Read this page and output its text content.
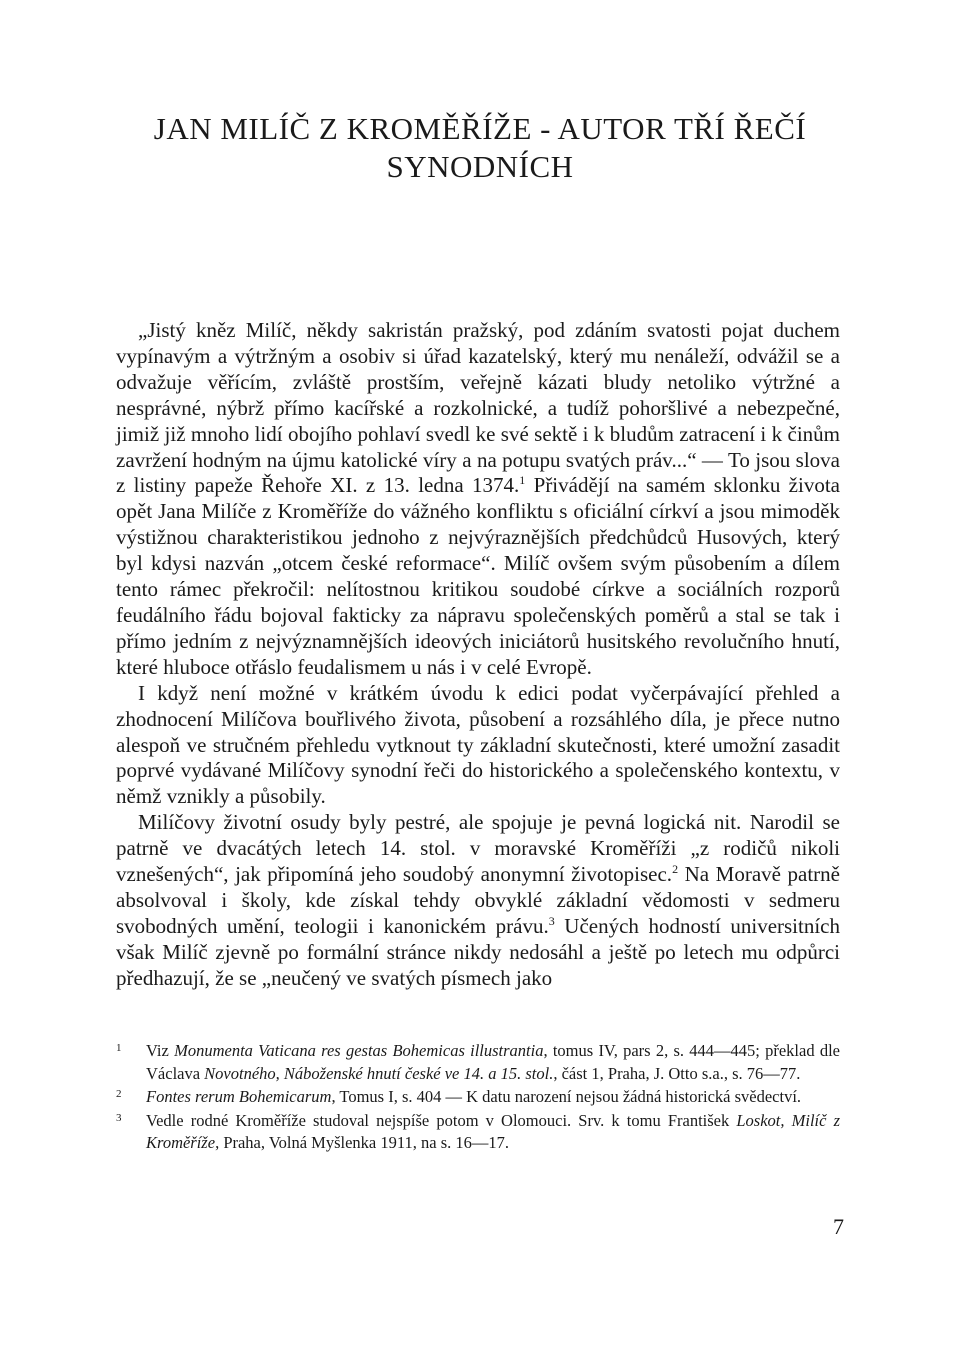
JAN MILÍČ Z KROMĚŘÍŽE - AUTOR TŘÍ ŘEČÍ
SYNODNÍCH

„Jistý kněz Milíč, někdy sakristán pražský, pod zdáním svatosti pojat duchem vypínavým a výtržným a osobiv si úřad kazatelský, který mu nenáleží, odvážil se a odvažuje věřícím, zvláště prostším, veřejně kázati bludy netoliko výtržné a nesprávné, nýbrž přímo kacířské a rozkolnické, a tudíž pohoršlivé a nebezpečné, jimiž již mnoho lidí obojího pohlaví svedl ke své sektě i k bludům zatracení i k činům zavržení hodným na újmu katolické víry a na potupu svatých práv...“ — To jsou slova z listiny papeže Řehoře XI. z 13. ledna 1374.$^1$ Přivádějí na samém sklonku života opět Jana Milíče z Kroměříže do vážného konfliktu s oficiální církví a jsou mimoděk výstižnou charakteristikou jednoho z nejvýraznějších předchůdců Husových, který byl kdysi nazván „otcem české reformace“. Milíč ovšem svým působením a dílem tento rámec překročil: nelítostnou kritikou soudobé církve a sociálních rozporů feudálního řádu bojoval fakticky za nápravu společenských poměrů a stal se tak i přímo jedním z nejvýznamnějších ideových iniciátorů husitského revolučního hnutí, které hluboce otřáslo feudalismem u nás i v celé Evropě.

I když není možné v krátkém úvodu k edici podat vyčerpávající přehled a zhodnocení Milíčova bouřlivého života, působení a rozsáhlého díla, je přece nutno alespoň ve stručném přehledu vytknout ty základní skutečnosti, které umožní zasadit poprvé vydávané Milíčovy synodní řeči do historického a společenského kontextu, v němž vznikly a působily.

Milíčovy životní osudy byly pestré, ale spojuje je pevná logická nit. Narodil se patrně ve dvacátých letech 14. stol. v moravské Kroměříži „z rodičů nikoli vznešených“, jak připomíná jeho soudobý anonymní životopisec.$^2$ Na Moravě patrně absolvoval i školy, kde získal tehdy obvyklé základní vědomosti v sedmeru svobodných umění, teologii i kanonickém právu.$^3$ Učených hodností universitních však Milíč zjevně po formální stránce nikdy nedosáhl a ještě po letech mu odpůrci předhazují, že se „neučený ve svatých písmech jako

1	Viz Monumenta Vaticana res gestas Bohemicas illustrantia, tomus IV, pars 2, s. 444—445; překlad dle Václava Novotného, Náboženské hnutí české ve 14. a 15. stol., část 1, Praha, J. Otto s.a., s. 76—77.
2	Fontes rerum Bohemicarum, Tomus I, s. 404 — K datu narození nejsou žádná historická svědectví.
3	Vedle rodné Kroměříže studoval nejspíše potom v Olomouci. Srv. k tomu František Loskot, Milíč z Kroměříže, Praha, Volná Myšlenka 1911, na s. 16—17.
7
